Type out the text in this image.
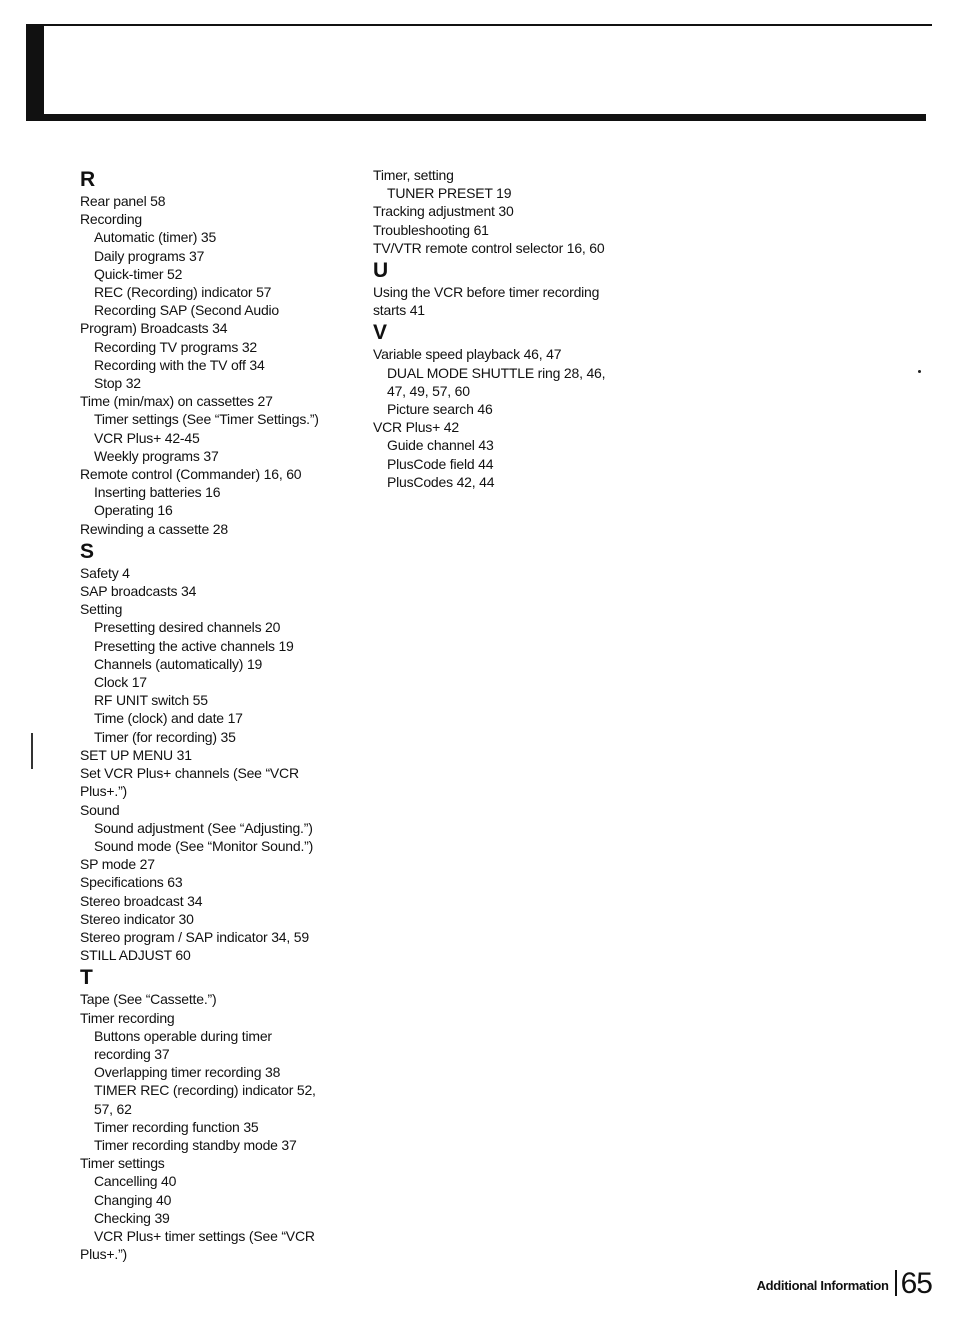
R
Rear panel 58
Recording
Automatic (timer) 35
Daily programs 37
Quick-timer 52
REC (Recording) indicator 57
Recording SAP (Second Audio
Program) Broadcasts 34
Recording TV programs 32
Recording with the TV off 34
Stop 32
Time (min/max) on cassettes 27
Timer settings (See “Timer Settings.”)
VCR Plus+ 42-45
Weekly programs 37
Remote control (Commander) 16, 60
Inserting batteries 16
Operating 16
Rewinding a cassette 28
S
Safety 4
SAP broadcasts 34
Setting
Presetting desired channels 20
Presetting the active channels 19
Channels (automatically) 19
Clock 17
RF UNIT switch 55
Time (clock) and date 17
Timer (for recording) 35
SET UP MENU 31
Set VCR Plus+ channels (See “VCR
Plus+.”)
Sound
Sound adjustment (See “Adjusting.”)
Sound mode (See “Monitor Sound.”)
SP mode 27
Specifications 63
Stereo broadcast 34
Stereo indicator 30
Stereo program / SAP indicator 34, 59
STILL ADJUST 60
T
Tape (See “Cassette.”)
Timer recording
Buttons operable during timer
recording 37
Overlapping timer recording 38
TIMER REC (recording) indicator 52,
57, 62
Timer recording function 35
Timer recording standby mode 37
Timer settings
Cancelling 40
Changing 40
Checking 39
VCR Plus+ timer settings (See “VCR
Plus+.”)
Timer, setting
TUNER PRESET 19
Tracking adjustment 30
Troubleshooting 61
TV/VTR remote control selector 16, 60
U
Using the VCR before timer recording
starts 41
V
Variable speed playback 46, 47
DUAL MODE SHUTTLE ring 28, 46,
47, 49, 57, 60
Picture search 46
VCR Plus+ 42
Guide channel 43
PlusCode field 44
PlusCodes 42, 44
Additional Information 65
